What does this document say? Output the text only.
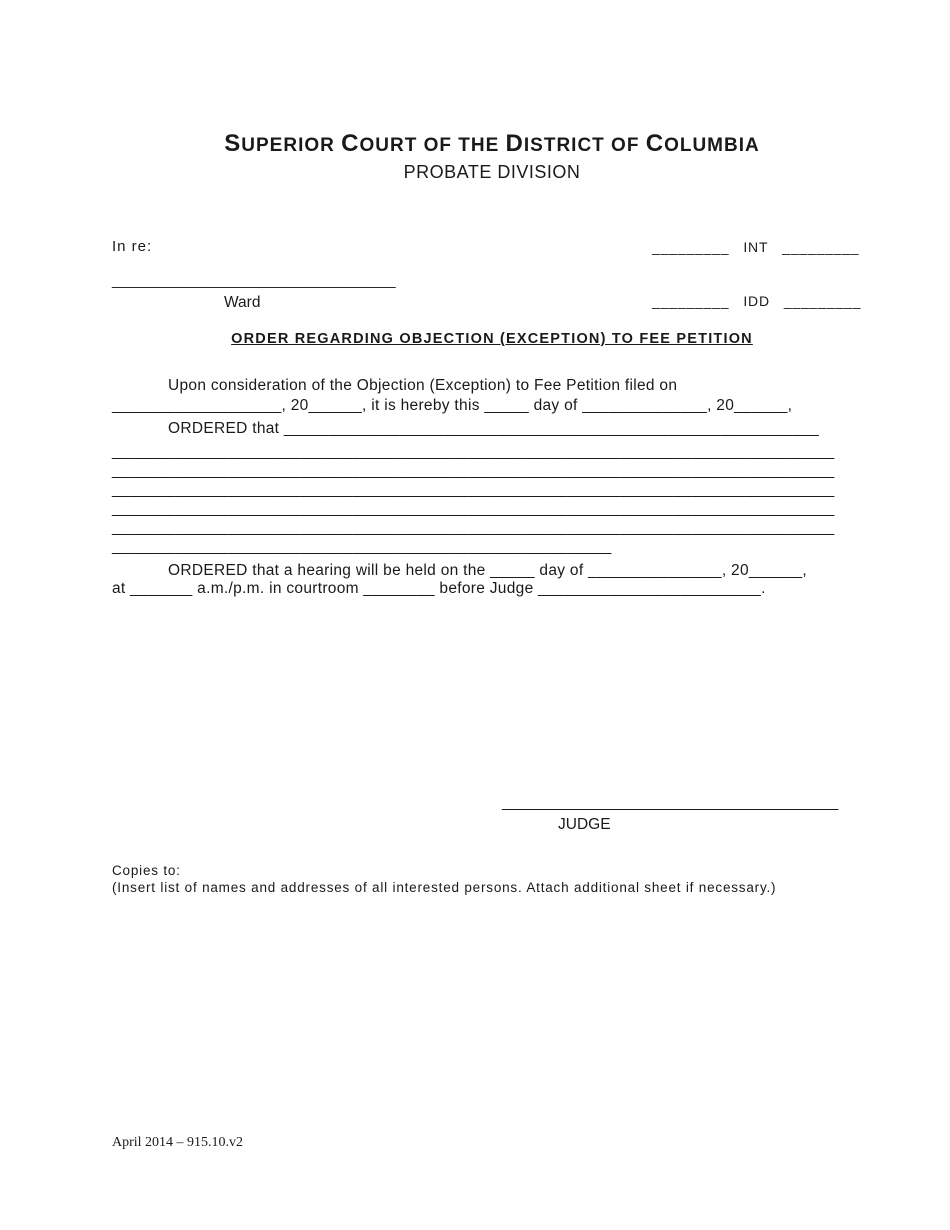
SUPERIOR COURT OF THE DISTRICT OF COLUMBIA
PROBATE DIVISION

_________   INT   _________

_________   IDD   _________

In re:
__________________________________
Ward
ORDER REGARDING OBJECTION (EXCEPTION) TO FEE PETITION
Upon consideration of the Objection (Exception) to Fee Petition filed on
___________________, 20______, it is hereby this _____ day of ______________, 20______,
ORDERED that ____________________________________________________________
_________________________________________________________________________________
_________________________________________________________________________________
_________________________________________________________________________________
_________________________________________________________________________________
_________________________________________________________________________________
________________________________________________________
ORDERED that a hearing will be held on the _____ day of _______________, 20______,
at _______ a.m./p.m. in courtroom ________ before Judge _________________________.
_______________________________________
JUDGE
Copies to:
(Insert list of names and addresses of all interested persons. Attach additional sheet if necessary.)
April 2014 – 915.10.v2
